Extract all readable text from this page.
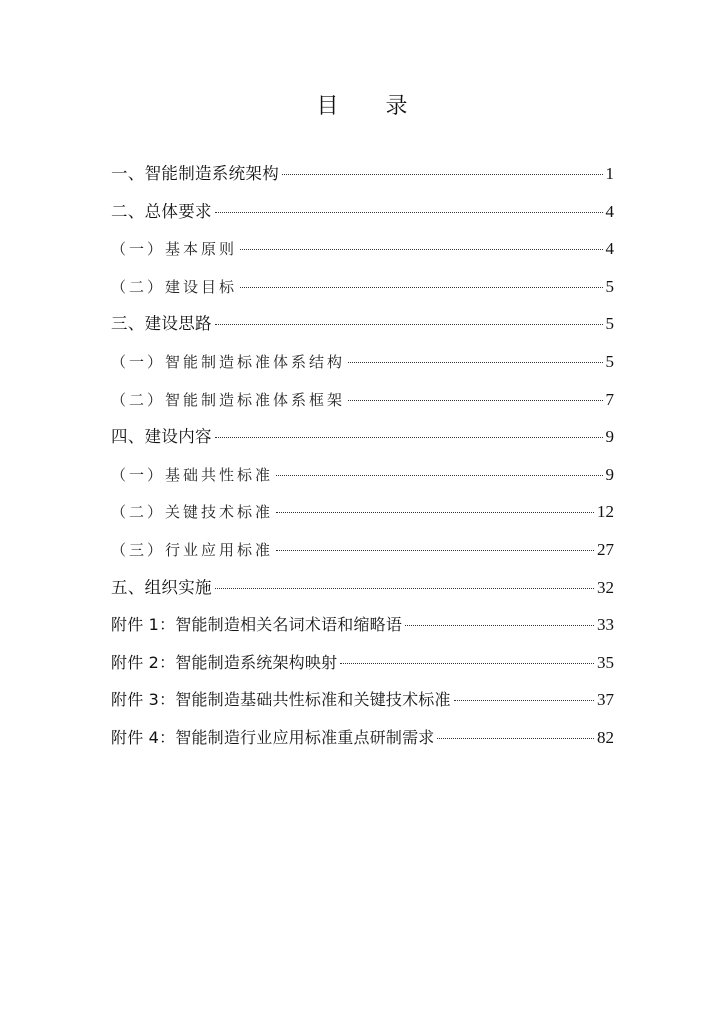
目 录
一、智能制造系统架构	1
二、总体要求	4
（一）基本原则	4
（二）建设目标	5
三、建设思路	5
（一）智能制造标准体系结构	5
（二）智能制造标准体系框架	7
四、建设内容	9
（一）基础共性标准	9
（二）关键技术标准	12
（三）行业应用标准	27
五、组织实施	32
附件 1：智能制造相关名词术语和缩略语	33
附件 2：智能制造系统架构映射	35
附件 3：智能制造基础共性标准和关键技术标准	37
附件 4：智能制造行业应用标准重点研制需求	82
